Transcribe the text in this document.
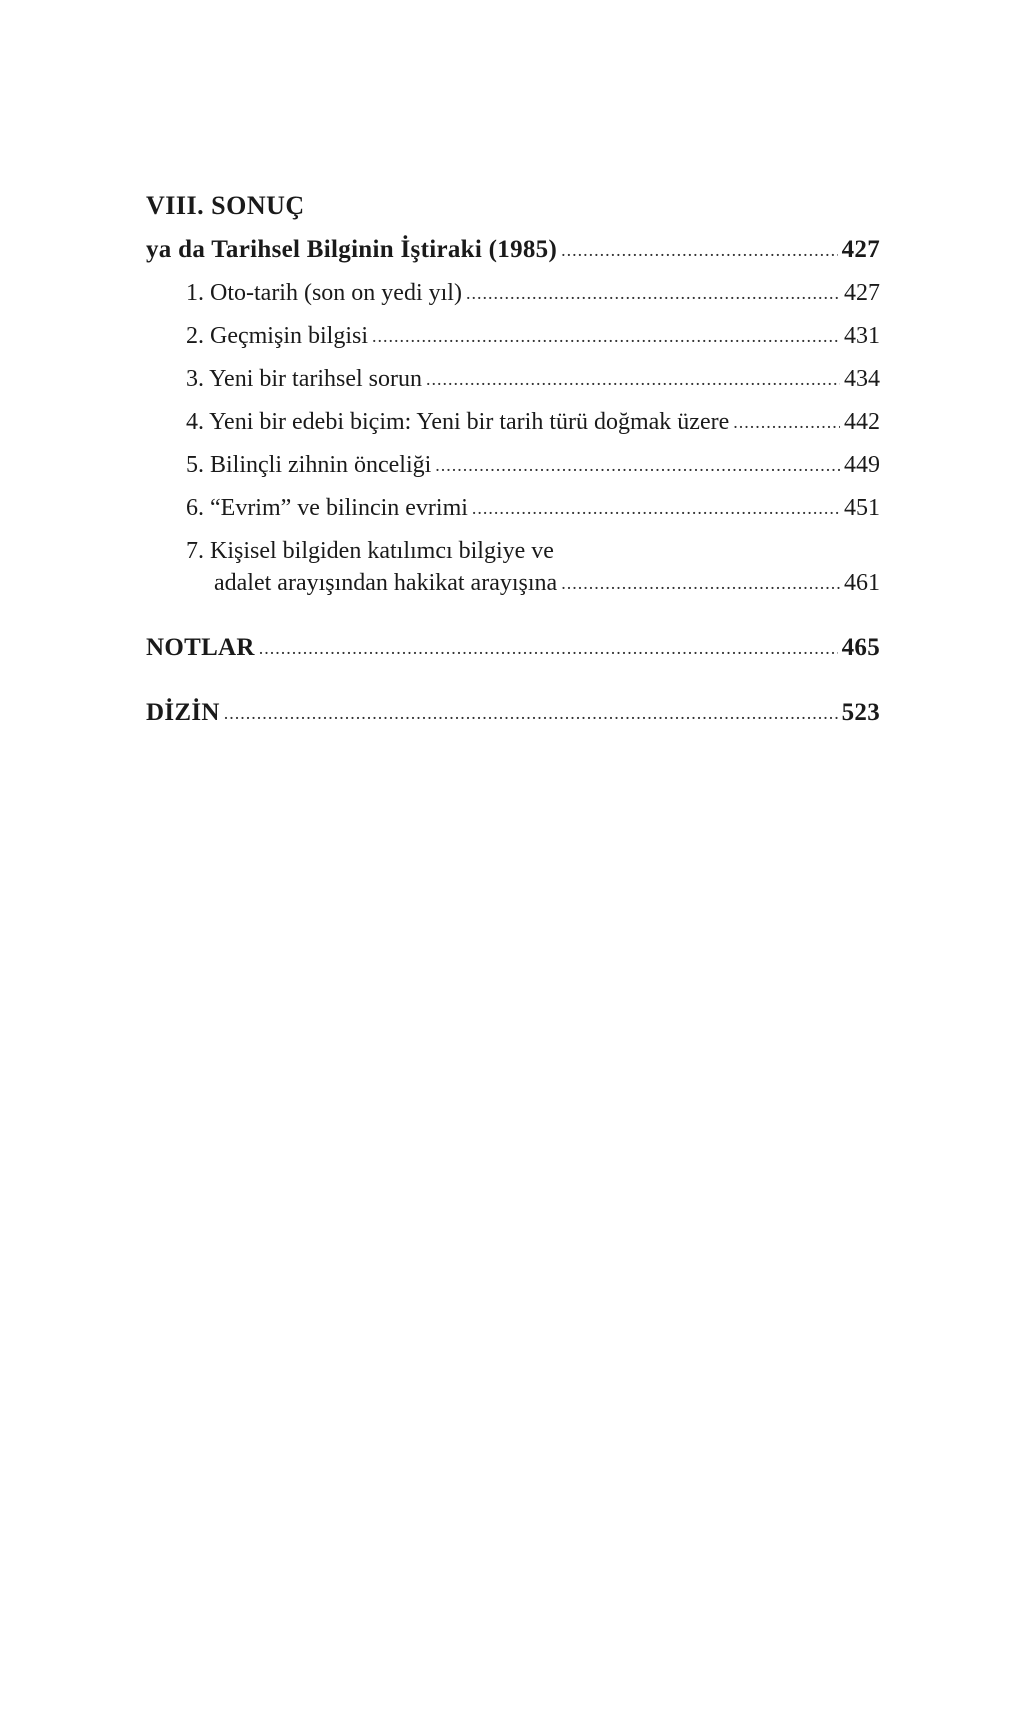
VIII. SONUÇ
ya da Tarihsel Bilginin İştiraki (1985) .....	427
1. Oto-tarih (son on yedi yıl) .....	427
2. Geçmişin bilgisi .....	431
3. Yeni bir tarihsel sorun .....	434
4. Yeni bir edebi biçim: Yeni bir tarih türü doğmak üzere .....	442
5. Bilinçli zihnin önceliği .....	449
6. “Evrim” ve bilincin evrimi .....	451
7. Kişisel bilgiden katılımcı bilgiye ve
adalet arayışından hakikat arayışına .....	461
NOTLAR .....	465
DİZİN .....	523
